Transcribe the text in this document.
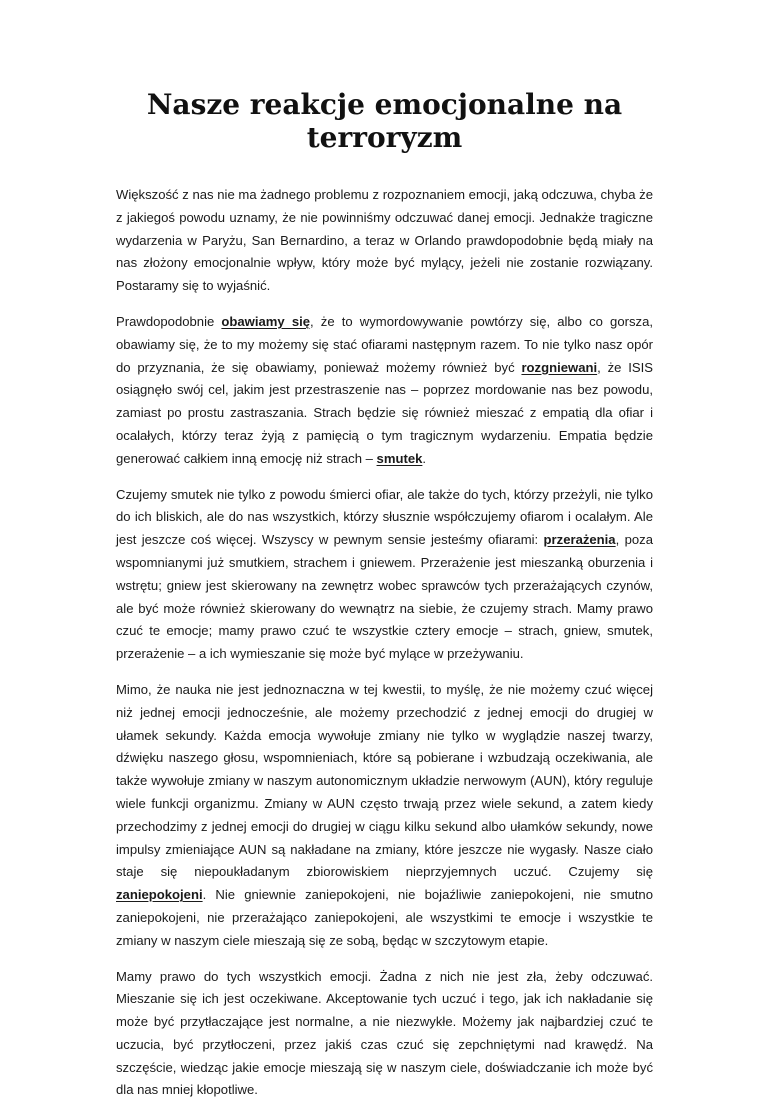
Nasze reakcje emocjonalne na terroryzm

Większość z nas nie ma żadnego problemu z rozpoznaniem emocji, jaką odczuwa, chyba że z jakiegoś powodu uznamy, że nie powinniśmy odczuwać danej emocji. Jednakże tragiczne wydarzenia w Paryżu, San Bernardino, a teraz w Orlando prawdopodobnie będą miały na nas złożony emocjonalnie wpływ, który może być mylący, jeżeli nie zostanie rozwiązany. Postaramy się to wyjaśnić.

Prawdopodobnie obawiamy się, że to wymordowywanie powtórzy się, albo co gorsza, obawiamy się, że to my możemy się stać ofiarami następnym razem. To nie tylko nasz opór do przyznania, że się obawiamy, ponieważ możemy również być rozgniewani, że ISIS osiągnęło swój cel, jakim jest przestraszenie nas – poprzez mordowanie nas bez powodu, zamiast po prostu zastraszania. Strach będzie się również mieszać z empatią dla ofiar i ocalałych, którzy teraz żyją z pamięcią o tym tragicznym wydarzeniu. Empatia będzie generować całkiem inną emocję niż strach – smutek.

Czujemy smutek nie tylko z powodu śmierci ofiar, ale także do tych, którzy przeżyli, nie tylko do ich bliskich, ale do nas wszystkich, którzy słusznie współczujemy ofiarom i ocalałym. Ale jest jeszcze coś więcej. Wszyscy w pewnym sensie jesteśmy ofiarami: przerażenia, poza wspomnianymi już smutkiem, strachem i gniewem. Przerażenie jest mieszanką oburzenia i wstrętu; gniew jest skierowany na zewnętrz wobec sprawców tych przerażających czynów, ale być może również skierowany do wewnątrz na siebie, że czujemy strach. Mamy prawo czuć te emocje; mamy prawo czuć te wszystkie cztery emocje – strach, gniew, smutek, przerażenie – a ich wymieszanie się może być mylące w przeżywaniu.

Mimo, że nauka nie jest jednoznaczna w tej kwestii, to myślę, że nie możemy czuć więcej niż jednej emocji jednocześnie, ale możemy przechodzić z jednej emocji do drugiej w ułamek sekundy. Każda emocja wywołuje zmiany nie tylko w wyglądzie naszej twarzy, dźwięku naszego głosu, wspomnieniach, które są pobierane i wzbudzają oczekiwania, ale także wywołuje zmiany w naszym autonomicznym układzie nerwowym (AUN), który reguluje wiele funkcji organizmu. Zmiany w AUN często trwają przez wiele sekund, a zatem kiedy przechodzimy z jednej emocji do drugiej w ciągu kilku sekund albo ułamków sekundy, nowe impulsy zmieniające AUN są nakładane na zmiany, które jeszcze nie wygasły. Nasze ciało staje się niepoukładanym zbiorowiskiem nieprzyjemnych uczuć. Czujemy się zaniepokojeni. Nie gniewnie zaniepokojeni, nie bojaźliwie zaniepokojeni, nie smutno zaniepokojeni, nie przerażająco zaniepokojeni, ale wszystkimi te emocje i wszystkie te zmiany w naszym ciele mieszają się ze sobą, będąc w szczytowym etapie.

Mamy prawo do tych wszystkich emocji. Żadna z nich nie jest zła, żeby odczuwać. Mieszanie się ich jest oczekiwane. Akceptowanie tych uczuć i tego, jak ich nakładanie się może być przytłaczające jest normalne, a nie niezwykłe. Możemy jak najbardziej czuć te uczucia, być przytłoczeni, przez jakiś czas czuć się zepchniętymi nad krawędź. Na szczęście, wiedząc jakie emocje mieszają się w naszym ciele, doświadczanie ich może być dla nas mniej kłopotliwe.
